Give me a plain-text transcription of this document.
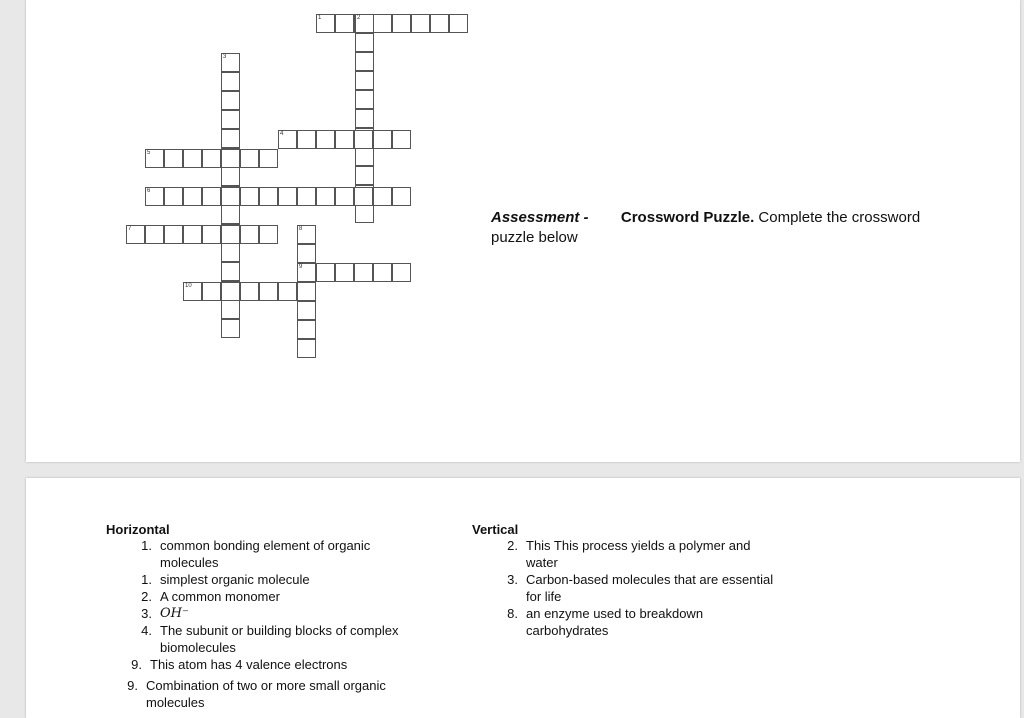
1	2
3
4
5
6
7	8
9
10
Assessment - Crossword Puzzle. Complete the crossword
puzzle below
Horizontal
1. common bonding element of organic
molecules
1. simplest organic molecule
2. A common monomer
3. OH⁻
4. The subunit or building blocks of complex
biomolecules
9. This atom has 4 valence electrons
9. Combination of two or more small organic
molecules
Vertical
2. This This process yields a polymer and
water
3. Carbon-based molecules that are essential
for life
8. an enzyme used to breakdown
carbohydrates
